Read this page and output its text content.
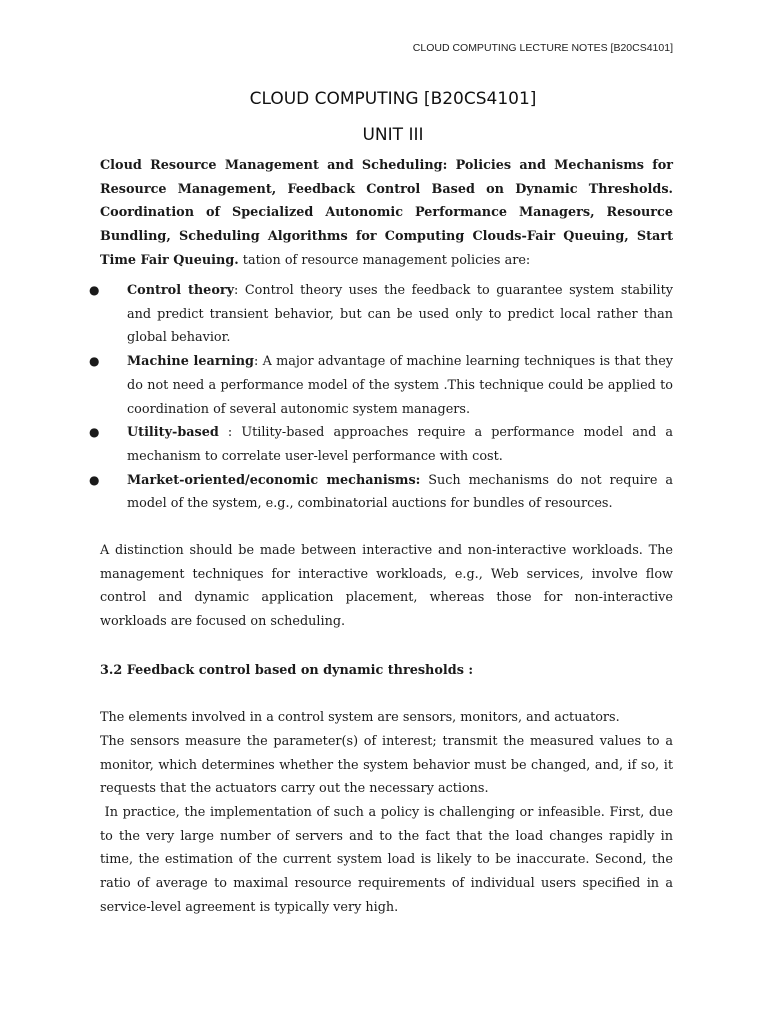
CLOUD COMPUTING LECTURE NOTES [B20CS4101]
CLOUD COMPUTING [B20CS4101]
UNIT III

Cloud Resource Management and Scheduling: Policies and Mechanisms for Resource Management, Feedback Control Based on Dynamic Thresholds. Coordination of Specialized Autonomic Performance Managers, Resource Bundling, Scheduling Algorithms for Computing Clouds-Fair Queuing, Start Time Fair Queuing. tation of resource management policies are:

● Control theory: Control theory uses the feedback to guarantee system stability and predict transient behavior, but can be used only to predict local rather than global behavior.
● Machine learning: A major advantage of machine learning techniques is that they do not need a performance model of the system .This technique could be applied to coordination of several autonomic system managers.
● Utility-based : Utility-based approaches require a performance model and a mechanism to correlate user-level performance with cost.
● Market-oriented/economic mechanisms: Such mechanisms do not require a model of the system, e.g., combinatorial auctions for bundles of resources.

A distinction should be made between interactive and non-interactive workloads. The management techniques for interactive workloads, e.g., Web services, involve flow control and dynamic application placement, whereas those for non-interactive workloads are focused on scheduling.

3.2 Feedback control based on dynamic thresholds :

The elements involved in a control system are sensors, monitors, and actuators.

The sensors measure the parameter(s) of interest; transmit the measured values to a monitor, which determines whether the system behavior must be changed, and, if so, it requests that the actuators carry out the necessary actions.

In practice, the implementation of such a policy is challenging or infeasible. First, due to the very large number of servers and to the fact that the load changes rapidly in time, the estimation of the current system load is likely to be inaccurate. Second, the ratio of average to maximal resource requirements of individual users specified in a service-level agreement is typically very high.
